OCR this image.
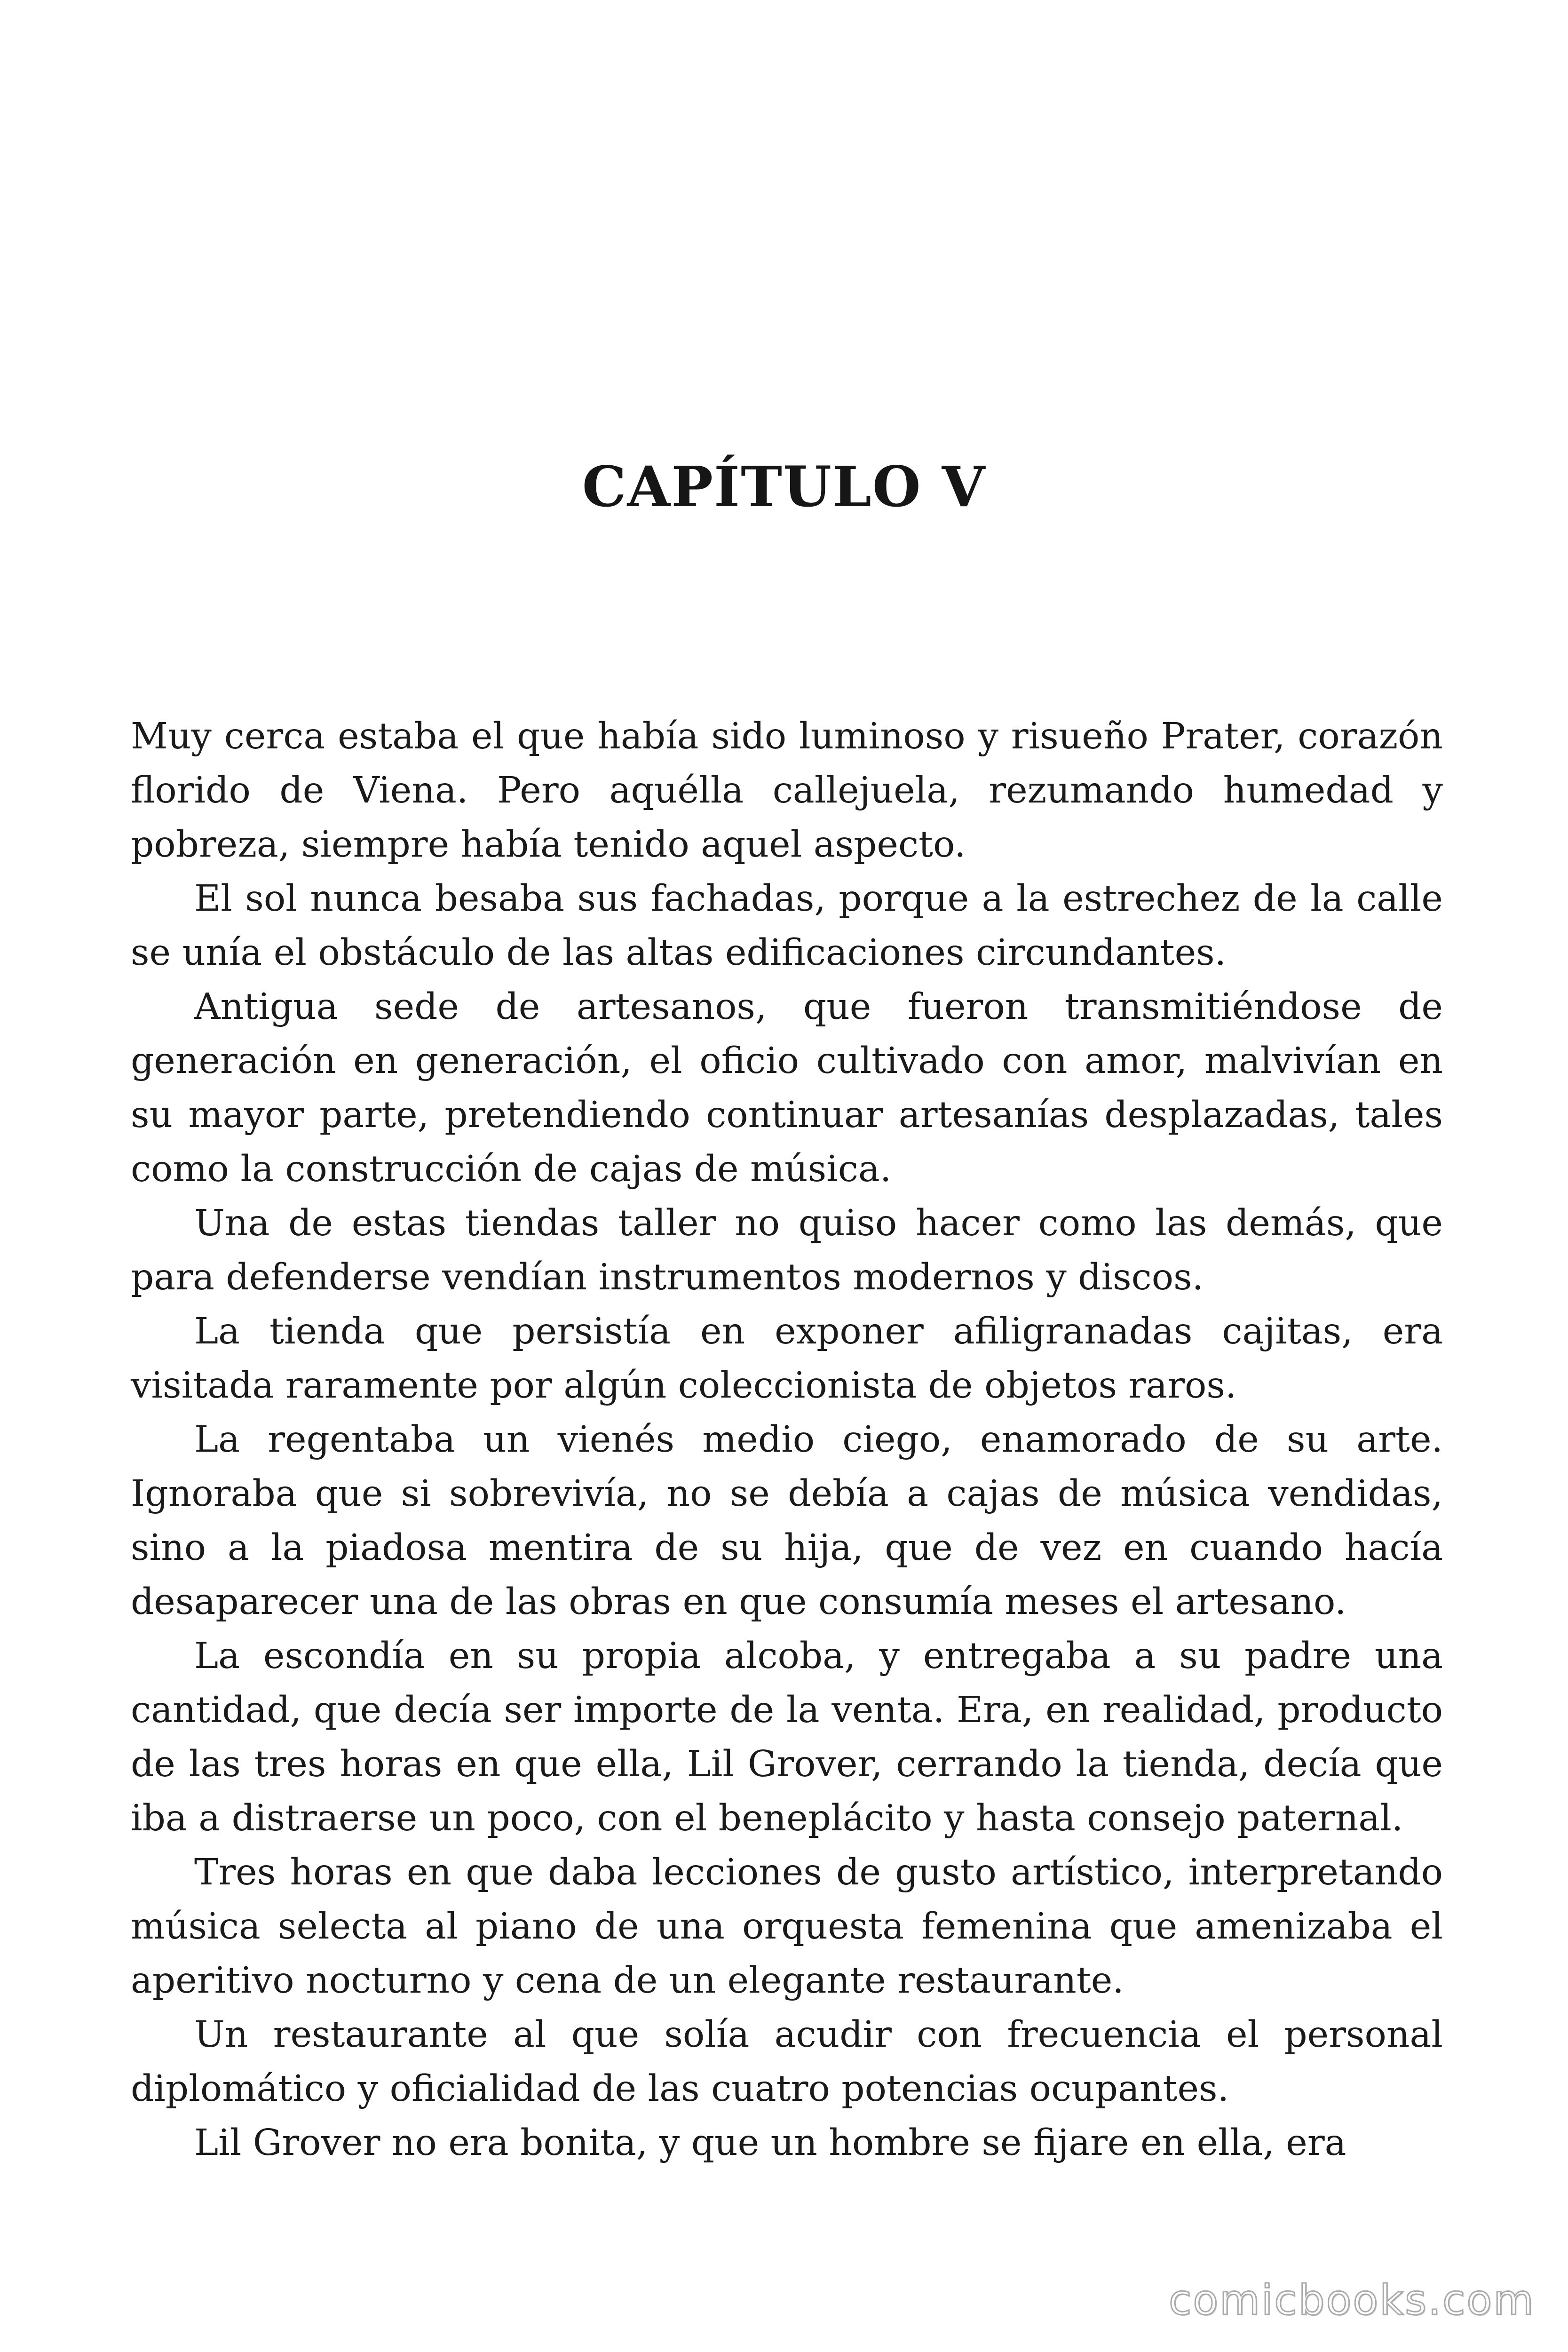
CAPÍTULO V

Muy cerca estaba el que había sido luminoso y risueño Prater, corazón florido de Viena. Pero aquélla callejuela, rezumando humedad y pobreza, siempre había tenido aquel aspecto.

El sol nunca besaba sus fachadas, porque a la estrechez de la calle se unía el obstáculo de las altas edificaciones circundantes.

Antigua sede de artesanos, que fueron transmitiéndose de generación en generación, el oficio cultivado con amor, malvivían en su mayor parte, pretendiendo continuar artesanías desplazadas, tales como la construcción de cajas de música.

Una de estas tiendas taller no quiso hacer como las demás, que para defenderse vendían instrumentos modernos y discos.

La tienda que persistía en exponer afiligranadas cajitas, era visitada raramente por algún coleccionista de objetos raros.

La regentaba un vienés medio ciego, enamorado de su arte. Ignoraba que si sobrevivía, no se debía a cajas de música vendidas, sino a la piadosa mentira de su hija, que de vez en cuando hacía desaparecer una de las obras en que consumía meses el artesano.

La escondía en su propia alcoba, y entregaba a su padre una cantidad, que decía ser importe de la venta. Era, en realidad, producto de las tres horas en que ella, Lil Grover, cerrando la tienda, decía que iba a distraerse un poco, con el beneplácito y hasta consejo paternal.

Tres horas en que daba lecciones de gusto artístico, interpretando música selecta al piano de una orquesta femenina que amenizaba el aperitivo nocturno y cena de un elegante restaurante.

Un restaurante al que solía acudir con frecuencia el personal diplomático y oficialidad de las cuatro potencias ocupantes.

Lil Grover no era bonita, y que un hombre se fijare en ella, era

comicbooks.com
